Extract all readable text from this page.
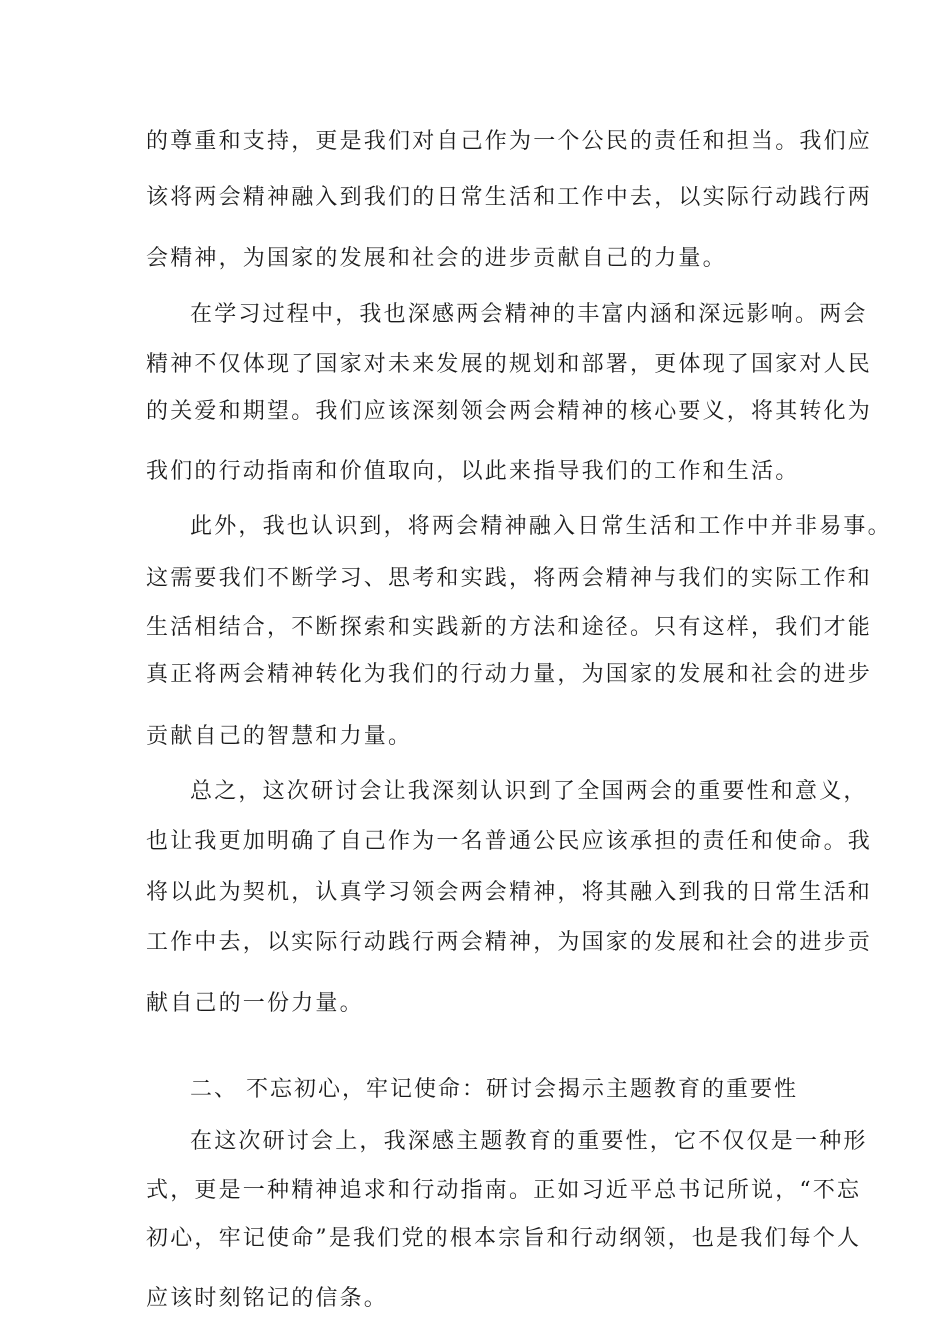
的尊重和支持，更是我们对自己作为一个公民的责任和担当。我们应
该将两会精神融入到我们的日常生活和工作中去，以实际行动践行两
会精神，为国家的发展和社会的进步贡献自己的力量。
在学习过程中，我也深感两会精神的丰富内涵和深远影响。两会
精神不仅体现了国家对未来发展的规划和部署，更体现了国家对人民
的关爱和期望。我们应该深刻领会两会精神的核心要义，将其转化为
我们的行动指南和价值取向，以此来指导我们的工作和生活。
此外，我也认识到，将两会精神融入日常生活和工作中并非易事。
这需要我们不断学习、思考和实践，将两会精神与我们的实际工作和
生活相结合，不断探索和实践新的方法和途径。只有这样，我们才能
真正将两会精神转化为我们的行动力量，为国家的发展和社会的进步
贡献自己的智慧和力量。
总之，这次研讨会让我深刻认识到了全国两会的重要性和意义，
也让我更加明确了自己作为一名普通公民应该承担的责任和使命。我
将以此为契机，认真学习领会两会精神，将其融入到我的日常生活和
工作中去，以实际行动践行两会精神，为国家的发展和社会的进步贡
献自己的一份力量。
二、 不忘初心，牢记使命：研讨会揭示主题教育的重要性
在这次研讨会上，我深感主题教育的重要性，它不仅仅是一种形
式，更是一种精神追求和行动指南。正如习近平总书记所说，“不忘
初心，牢记使命”是我们党的根本宗旨和行动纲领，也是我们每个人
应该时刻铭记的信条。
